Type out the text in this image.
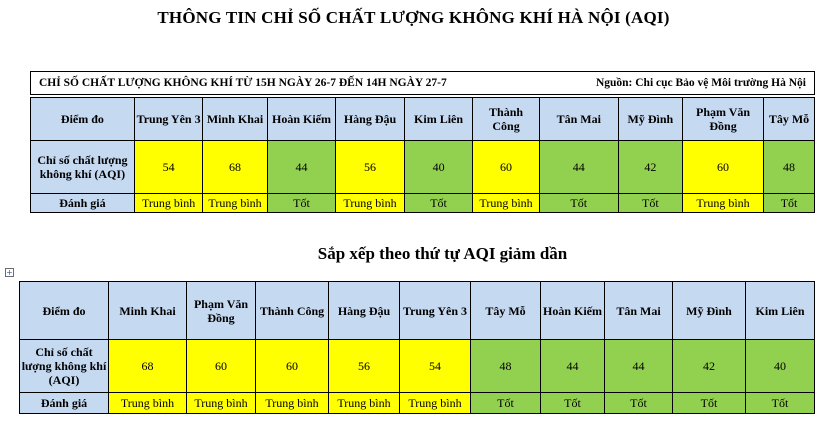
THÔNG TIN CHỈ SỐ CHẤT LƯỢNG KHÔNG KHÍ HÀ NỘI (AQI)
CHỈ SỐ CHẤT LƯỢNG KHÔNG KHÍ TỪ 15H NGÀY 26-7 ĐẾN 14H NGÀY 27-7	Nguồn: Chi cục Bảo vệ Môi trường Hà Nội
Điểm đo	Trung Yên 3	Minh Khai	Hoàn Kiếm	Hàng Đậu	Kim Liên	Thành Công	Tân Mai	Mỹ Đình	Phạm Văn Đồng	Tây Mỗ
Chỉ số chất lượng không khí (AQI)	54	68	44	56	40	60	44	42	60	48
Đánh giá	Trung bình	Trung bình	Tốt	Trung bình	Tốt	Trung bình	Tốt	Tốt	Trung bình	Tốt
Sắp xếp theo thứ tự AQI giảm dần
+
Điểm đo	Minh Khai	Phạm Văn Đồng	Thành Công	Hàng Đậu	Trung Yên 3	Tây Mỗ	Hoàn Kiếm	Tân Mai	Mỹ Đình	Kim Liên
Chỉ số chất lượng không khí (AQI)	68	60	60	56	54	48	44	44	42	40
Đánh giá	Trung bình	Trung bình	Trung bình	Trung bình	Trung bình	Tốt	Tốt	Tốt	Tốt	Tốt
